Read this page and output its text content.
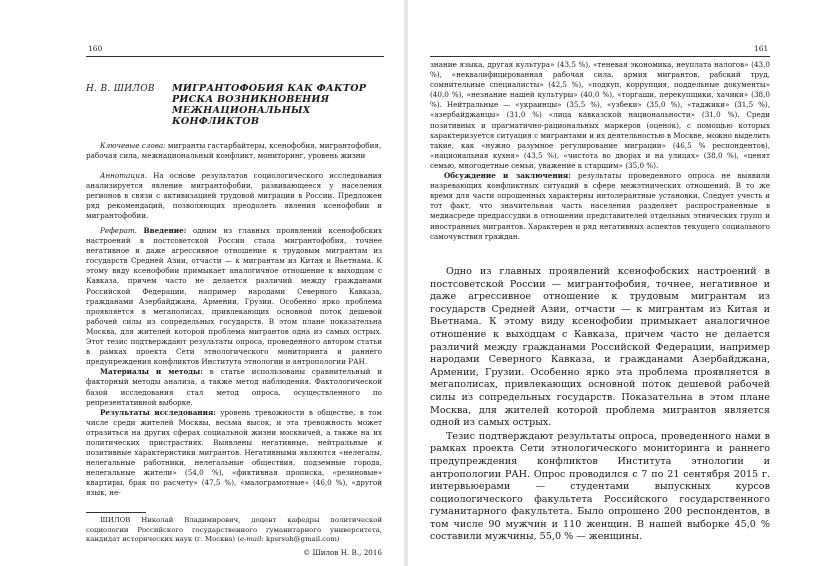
160
Н. В. ШИЛОВ	МИГРАНТОФОБИЯ КАК ФАКТОР РИСКА ВОЗНИКНОВЕНИЯ МЕЖНАЦИОНАЛЬНЫХ КОНФЛИКТОВ
Ключевые слова: мигранты гастарбайтеры, ксенофобия, мигрантофобия, рабочая сила, межнациональный конфликт, мониторинг, уровень жизни
Аннотация. На основе результатов социологического исследования анализируется явление мигрантофобии, развивающееся у населения регионов в связи с активизацией трудовой миграции в России. Предложен ряд рекомендаций, позволяющих преодолеть явления ксенофобии и мигрантофобии.

Реферат. Введение: одним из главных проявлений ксенофобских настроений в постсоветской России стала мигрантофобия, точнее негативное и даже агрессивное отношение к трудовым мигрантам из государств Средней Азии, отчасти — к мигрантам из Китая и Вьетнама. К этому виду ксенофобии примыкает аналогичное отношение к выходцам с Кавказа, причем часто не делается различий между гражданами Российской Федерации, например народами Северного Кавказа, гражданами Азербайджана, Армении, Грузии. Особенно ярко проблема проявляется в мегаполисах, привлекающих основной поток дешевой рабочей силы из сопредельных государств. В этом плане показательна Москва, для жителей которой проблема мигрантов одна из самых острых. Этот тезис подтверждают результаты опроса, проведенного автором статьи в рамках проекта Сети этнологического мониторинга и раннего предупреждения конфликтов Института этнологии и антропологии РАН.

Материалы и методы: в статье использованы сравнительный и факторный методы анализа, а также метод наблюдения. Фактологической базой исследования стал метод опроса, осуществленного по репрезентативной выборке.

Результаты исследования: уровень тревожности в обществе, в том числе среди жителей Москвы, весьма высок, и эта тревожность может отразиться на других сферах социальной жизни москвичей, а также на их политических пристрастиях. Выявлены негативные, нейтральные и позитивные характеристики мигрантов. Негативными являются «нелегалы, нелегальные работники, нелегальные обществия, подземные города, нелегальные жители» (54,0 %), «фиктивная прописка, «резиновые» квартиры, брак по расчету» (47,5 %), «малограмотные» (46,0 %), «другой язык, не-

ШИЛОВ Николай Владимирович, доцент кафедры политической социологии Российского государственного гуманитарного университета, кандидат исторических наук (г. Москва) (e-mail: kpsrsuh@gmail.com)
© Шилов Н. В., 2016
161

знание языка, другая культура» (43,5 %), «теневая экономика, неуплата налогов» (43,0 %), «неквалифицированная рабочая сила, армия мигрантов, рабский труд, сомнительные специалисты» (42,5 %), «подкуп, коррупция, поддельные документы» (40,0 %), «незнание нашей культуры» (40,0 %), «торгаши, перекупщики, хачики» (38,0 %). Нейтральные — «украинцы» (35,5 %), «узбеки» (35,0 %), «таджики» (31,5 %), «азербайджанцы» (31,0 %) «лица кавказской национальности» (31,0 %). Среди позитивных и прагматично-рациональных маркеров (оценок), с помощью которых характеризуется ситуация с мигрантами и их деятельностью в Москве, можно выделить такие, как «нужно разумное регулирование миграции» (46,5 % респондентов), «национальная кухня» (43,5 %), «чистота во дворах и на улицах» (38,0 %), «ценят семью, многодетные семьи, уважение к старшим» (35,0 %).

Обсуждение и заключения: результаты проведенного опроса не выявили назревающих конфликтных ситуаций в сфере межэтнических отношений. В то же время для части опрошенных характерны интолерантные установки. Следует учесть и тот факт, что значительная часть населения разделяет распространенные в медиасреде предрассудки в отношении представителей отдельных этнических групп и иностранных мигрантов. Характерен и ряд негативных аспектов текущего социального самочувствия граждан.

Одно из главных проявлений ксенофобских настроений в постсоветской России — мигрантофобия, точнее, негативное и даже агрессивное отношение к трудовым мигрантам из государств Средней Азии, отчасти — к мигрантам из Китая и Вьетнама. К этому виду ксенофобии примыкает аналогичное отношение к выходцам с Кавказа, причем часто не делается различий между гражданами Российской Федерации, например народами Северного Кавказа, и гражданами Азербайджана, Армении, Грузии. Особенно ярко эта проблема проявляется в мегаполисах, привлекающих основной поток дешевой рабочей силы из сопредельных государств. Показательна в этом плане Москва, для жителей которой проблема мигрантов является одной из самых острых.

Тезис подтверждают результаты опроса, проведенного нами в рамках проекта Сети этнологического мониторинга и раннего предупреждения конфликтов Института этнологии и антропологии РАН. Опрос проводился с 7 по 21 сентября 2015 г. интервьюерами — студентами выпускных курсов социологического факультета Российского государственного гуманитарного факультета. Было опрошено 200 респондентов, в том числе 90 мужчин и 110 женщин. В нашей выборке 45,0 % составили мужчины, 55,0 % — женщины.
